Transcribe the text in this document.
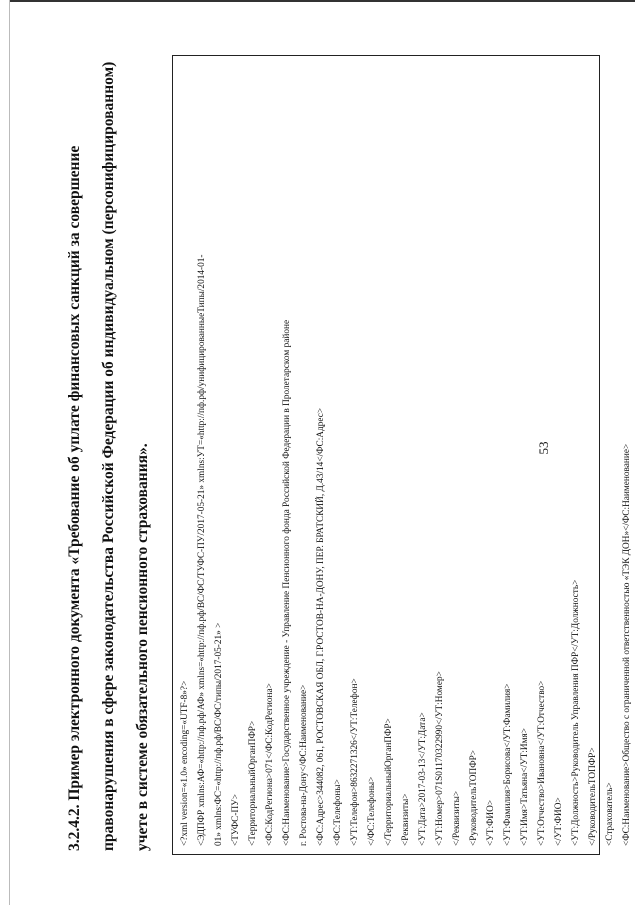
53
3.2.4.2. Пример электронного документа «Требование об уплате финансовых санкций за совершение	правонарушения в сфере законодательства Российской Федерации об индивидуальном (персонифицированном)	учете в системе обязательного пенсионного страхования».	<?xml version=«1.0» encoding=«UTF-8»?> <ЭДПФР xmlns:АФ=«http://пф.рф/АФ» xmlns=«http://пф.рф/ВС/ФС/ТУФС-ПУ/2017-05-21» xmlns:УТ=«http://пф.рф/унифицированныеТипы/2014-01- 01» xmlns:ФС=«http://пф.рф/ВС/ФС/типы/2017-05-21» > <ТУФС-ПУ> <ТерриториальныйОрганПФР> <ФС:КодРегиона>071</ФС:КодРегиона> <ФС:Наименование>Государственное учреждение - Управление Пенсионного фонда Российской Федерации в Пролетарском районе г. Ростова-на-Дону</ФС:Наименование> <ФС:Адрес>344082, 061, РОСТОВСКАЯ ОБЛ, Г.РОСТОВ-НА-ДОНУ, ПЕР. БРАТСКИЙ, Д.43/14</ФС:Адрес> <ФС:Телефоны> <УТ:Телефон>8632271326</УТ:Телефон> </ФС:Телефоны> </ТерриториальныйОрганПФР> <Реквизиты> <УТ:Дата>2017-03-13</УТ:Дата> <УТ:Номер>071S01170322990</УТ:Номер> </Реквизиты> <РуководительТОПФР> <УТ:ФИО> <УТ:Фамилия>Борисова</УТ:Фамилия> <УТ:Имя>Татьяна</УТ:Имя> <УТ:Отчество>Ивановна</УТ:Отчество> </УТ:ФИО> <УТ:Должность>Руководитель Управления ПФР</УТ:Должность> </РуководительТОПФР> <Страхователь> <ФС:Наименование>Общество с ограниченной ответственностью «ТЭК ДОН»</ФС:Наименование>
